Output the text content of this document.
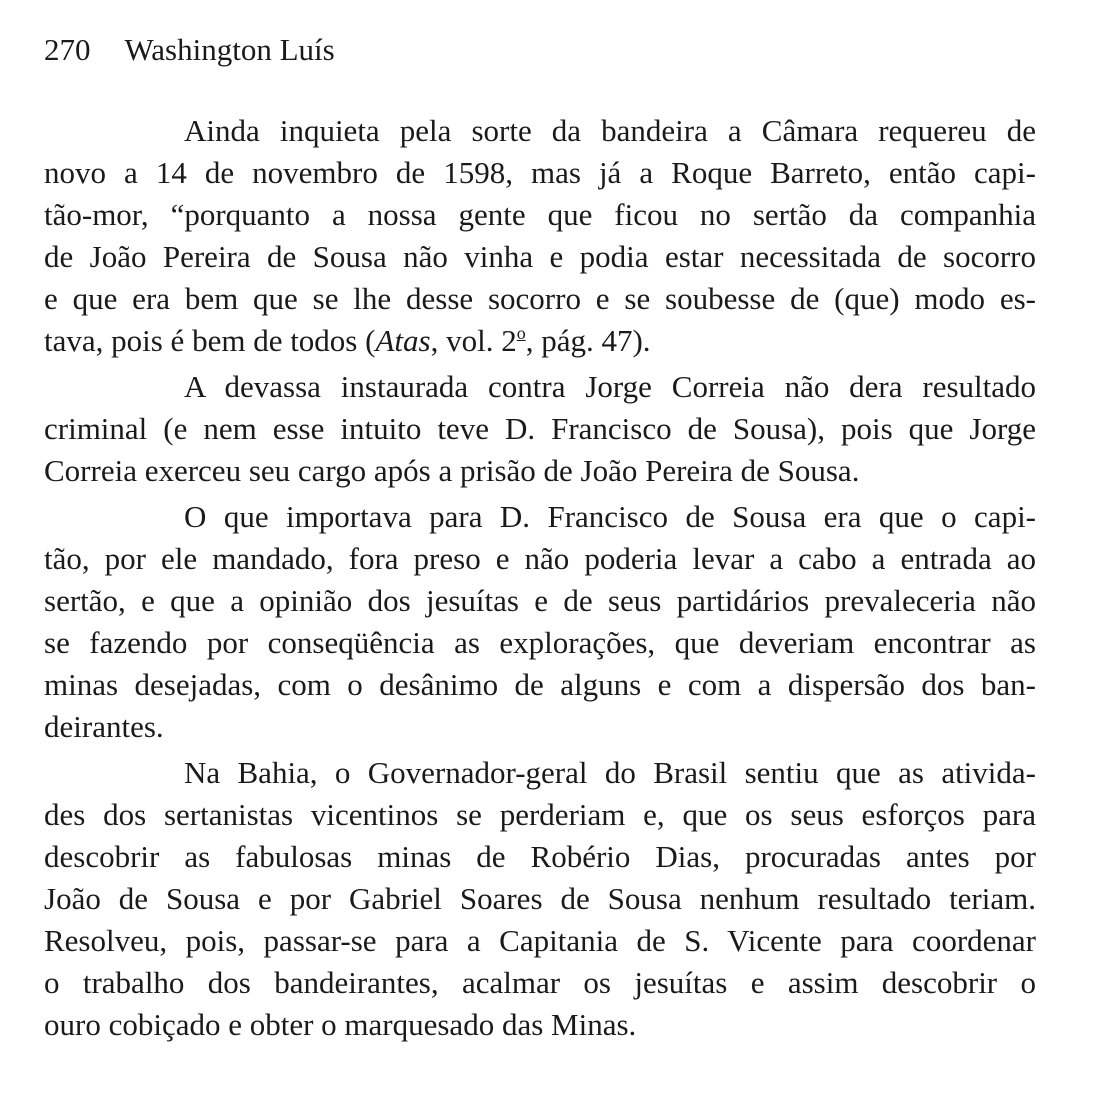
270 Washington Luís
Ainda inquieta pela sorte da bandeira a Câmara requereu de
novo a 14 de novembro de 1598, mas já a Roque Barreto, então capi-
tão-mor, “porquanto a nossa gente que ficou no sertão da companhia
de João Pereira de Sousa não vinha e podia estar necessitada de socorro
e que era bem que se lhe desse socorro e se soubesse de (que) modo es-
tava, pois é bem de todos (Atas, vol. 2$^o$, pág. 47).
A devassa instaurada contra Jorge Correia não dera resultado
criminal (e nem esse intuito teve D. Francisco de Sousa), pois que Jorge
Correia exerceu seu cargo após a prisão de João Pereira de Sousa.
O que importava para D. Francisco de Sousa era que o capi-
tão, por ele mandado, fora preso e não poderia levar a cabo a entrada ao
sertão, e que a opinião dos jesuítas e de seus partidários prevaleceria não
se fazendo por conseqüência as explorações, que deveriam encontrar as
minas desejadas, com o desânimo de alguns e com a dispersão dos ban-
deirantes.
Na Bahia, o Governador-geral do Brasil sentiu que as ativida-
des dos sertanistas vicentinos se perderiam e, que os seus esforços para
descobrir as fabulosas minas de Robério Dias, procuradas antes por
João de Sousa e por Gabriel Soares de Sousa nenhum resultado teriam.
Resolveu, pois, passar-se para a Capitania de S. Vicente para coordenar
o trabalho dos bandeirantes, acalmar os jesuítas e assim descobrir o
ouro cobiçado e obter o marquesado das Minas.
